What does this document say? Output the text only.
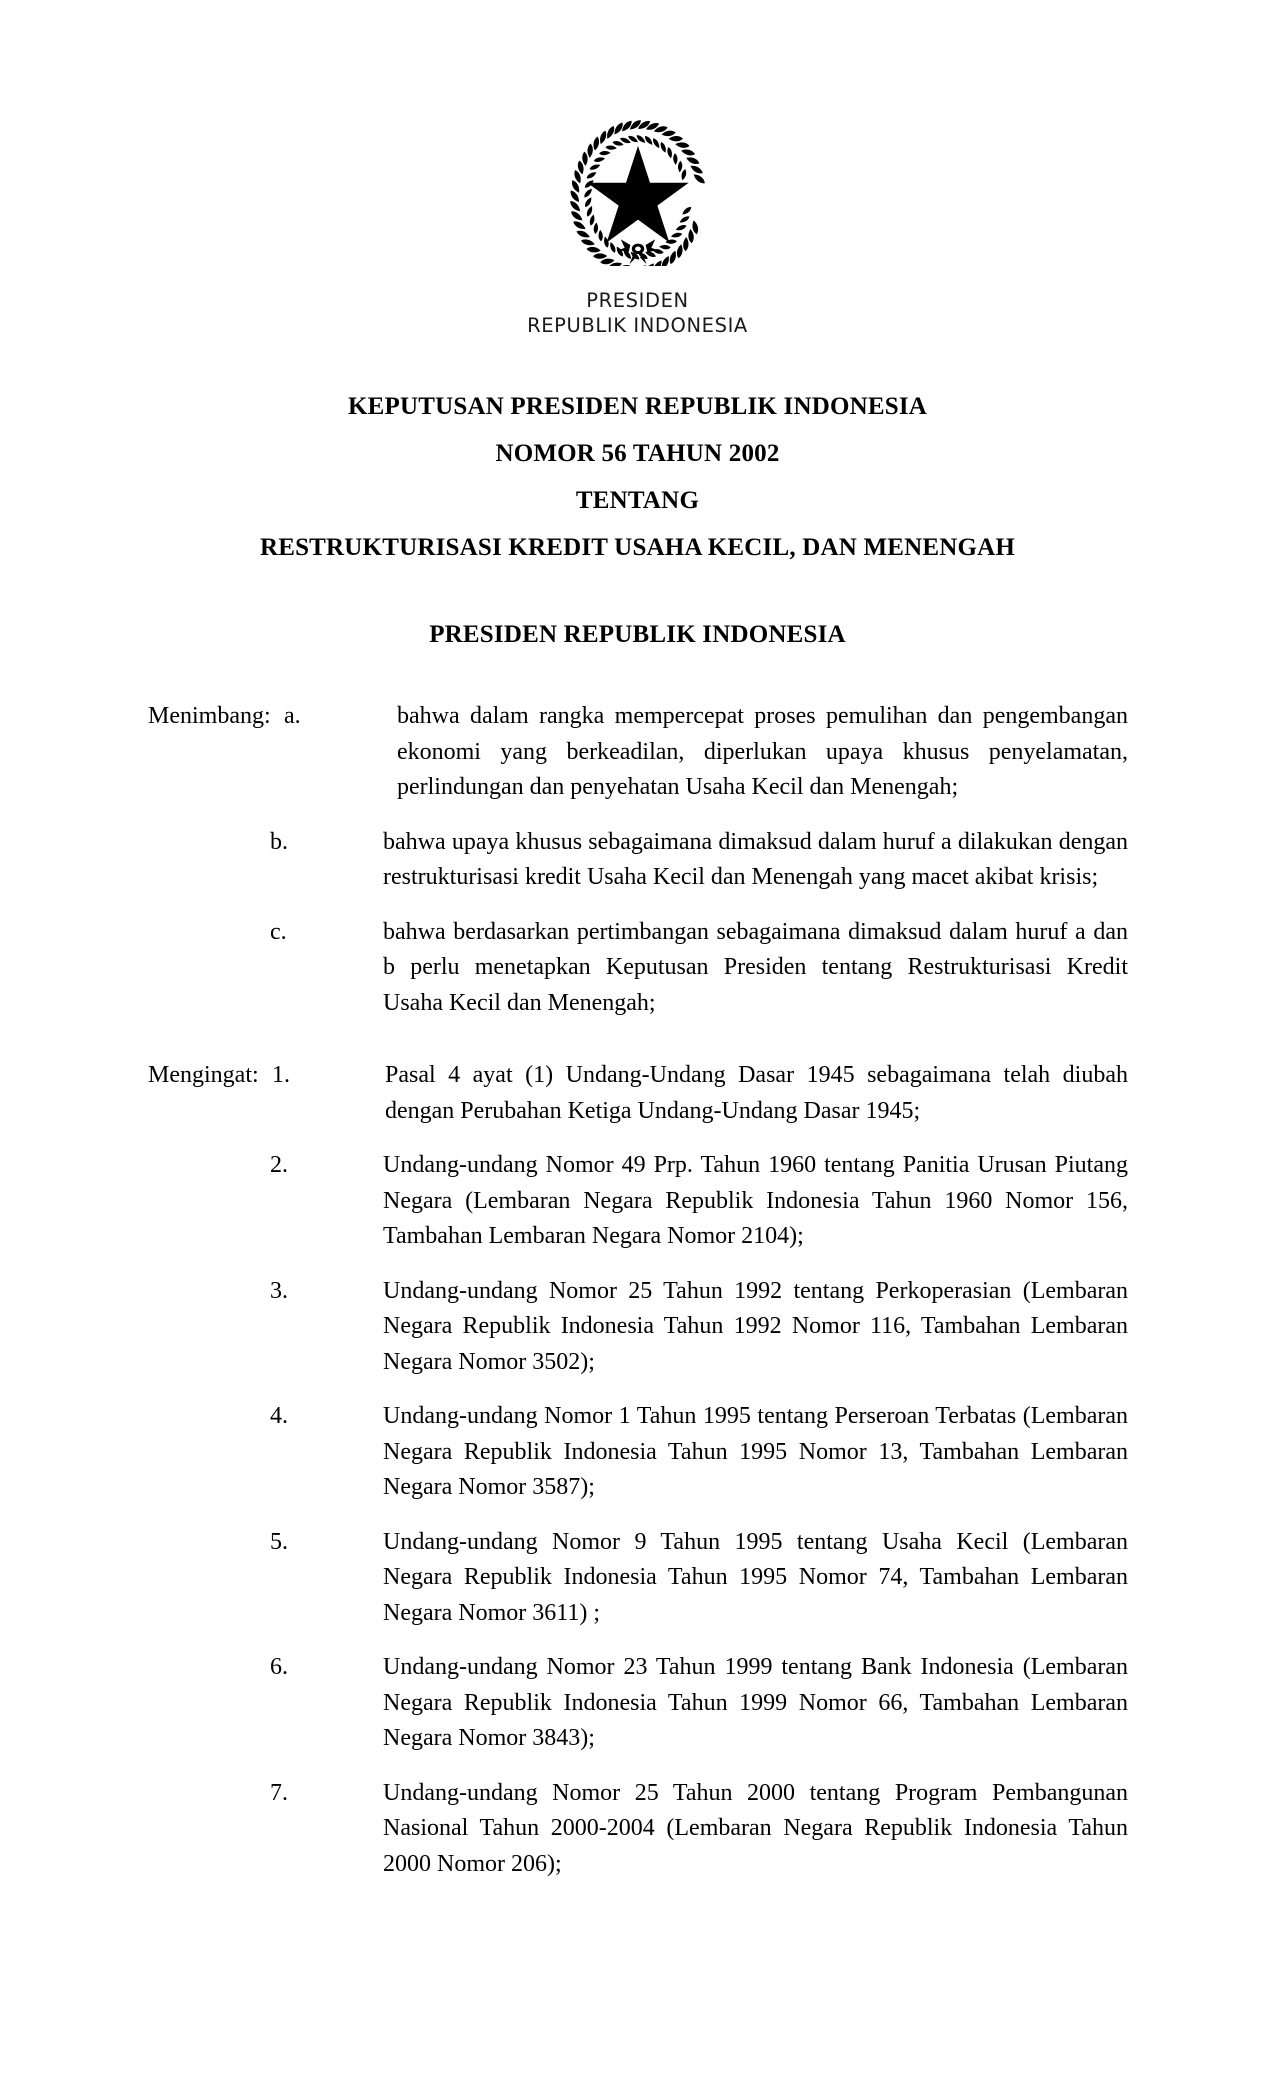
PRESIDEN
REPUBLIK INDONESIA
KEPUTUSAN PRESIDEN REPUBLIK INDONESIA
NOMOR 56 TAHUN 2002
TENTANG
RESTRUKTURISASI KREDIT USAHA KECIL, DAN MENENGAH
PRESIDEN REPUBLIK INDONESIA
Menimbang : a.	bahwa dalam rangka mempercepat proses pemulihan dan pengembangan ekonomi yang berkeadilan, diperlukan upaya khusus penyelamatan, perlindungan dan penyehatan Usaha Kecil dan Menengah;
b.	bahwa upaya khusus sebagaimana dimaksud dalam huruf a dilakukan dengan restrukturisasi kredit Usaha Kecil dan Menengah yang macet akibat krisis;
c.	bahwa berdasarkan pertimbangan sebagaimana dimaksud dalam huruf a dan b perlu menetapkan Keputusan Presiden tentang Restrukturisasi Kredit Usaha Kecil dan Menengah;
Mengingat : 1.	Pasal 4 ayat (1) Undang-Undang Dasar 1945 sebagaimana telah diubah dengan Perubahan Ketiga Undang-Undang Dasar 1945;
2.	Undang-undang Nomor 49 Prp. Tahun 1960 tentang Panitia Urusan Piutang Negara (Lembaran Negara Republik Indonesia Tahun 1960 Nomor 156, Tambahan Lembaran Negara Nomor 2104);
3.	Undang-undang Nomor 25 Tahun 1992 tentang Perkoperasian (Lembaran Negara Republik Indonesia Tahun 1992 Nomor 116, Tambahan Lembaran Negara Nomor 3502);
4.	Undang-undang Nomor 1 Tahun 1995 tentang Perseroan Terbatas (Lembaran Negara Republik Indonesia Tahun 1995 Nomor 13, Tambahan Lembaran Negara Nomor 3587);
5.	Undang-undang Nomor 9 Tahun 1995 tentang Usaha Kecil (Lembaran Negara Republik Indonesia Tahun 1995 Nomor 74, Tambahan Lembaran Negara Nomor 3611) ;
6.	Undang-undang Nomor 23 Tahun 1999 tentang Bank Indonesia (Lembaran Negara Republik Indonesia Tahun 1999 Nomor 66, Tambahan Lembaran Negara Nomor 3843);
7.	Undang-undang Nomor 25 Tahun 2000 tentang Program Pembangunan Nasional Tahun 2000-2004 (Lembaran Negara Republik Indonesia Tahun 2000 Nomor 206);
